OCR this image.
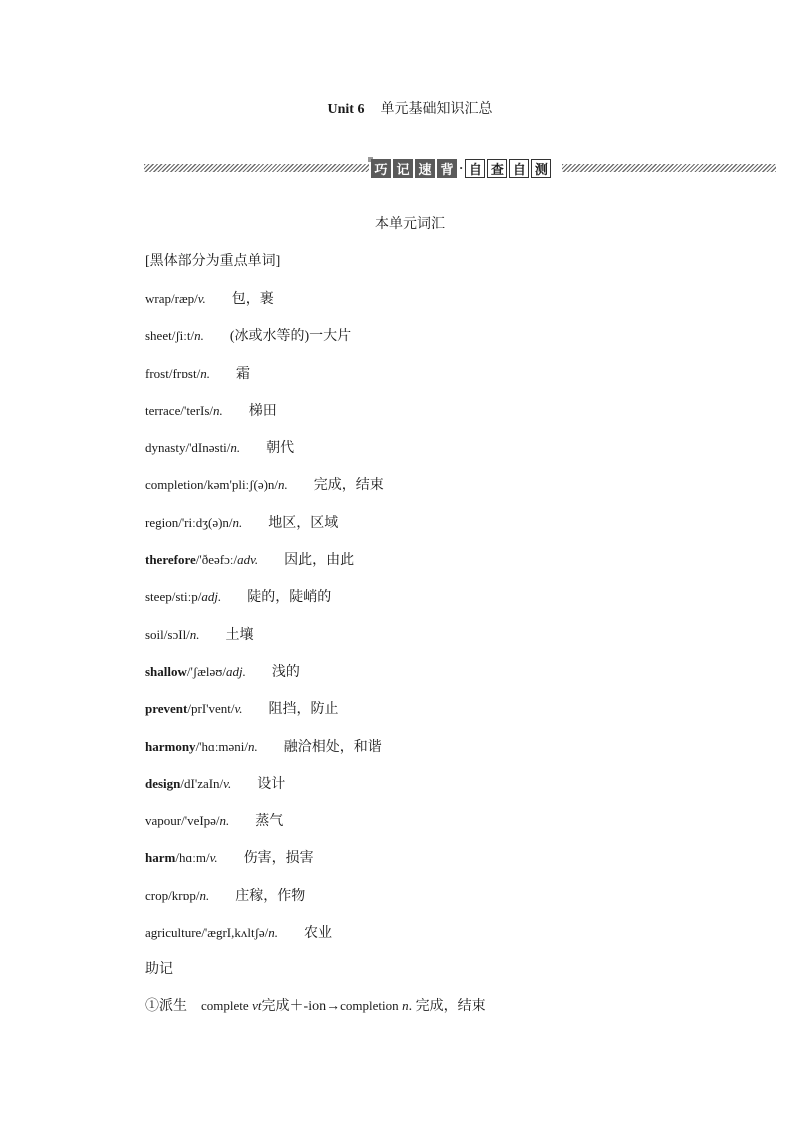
Unit 6 单元基础知识汇总
巧 记 速 背 · 自 查 自 测
本单元词汇
[黑体部分为重点单词]
wrap/ræp/v. 包，裹
sheet/ʃiːt/n. (冰或水等的)一大片
frost/frɒst/n. 霜
terrace/'terIs/n. 梯田
dynasty/'dInəsti/n. 朝代
completion/kəm'pliːʃ(ə)n/n. 完成，结束
region/'riːdʒ(ə)n/n. 地区，区域
therefore/'ðeəfɔː/adv. 因此，由此
steep/stiːp/adj. 陡的，陡峭的
soil/sɔIl/n. 土壤
shallow/'ʃæləʊ/adj. 浅的
prevent/prI'vent/v. 阻挡，防止
harmony/'hɑːməni/n. 融洽相处，和谐
design/dI'zaIn/v. 设计
vapour/'veIpə/n. 蒸气
harm/hɑːm/v. 伤害，损害
crop/krɒp/n. 庄稼，作物
agriculture/'ægrI,kʌltʃə/n. 农业
助记
①派生 complete vt完成＋-ion→completion n. 完成，结束
